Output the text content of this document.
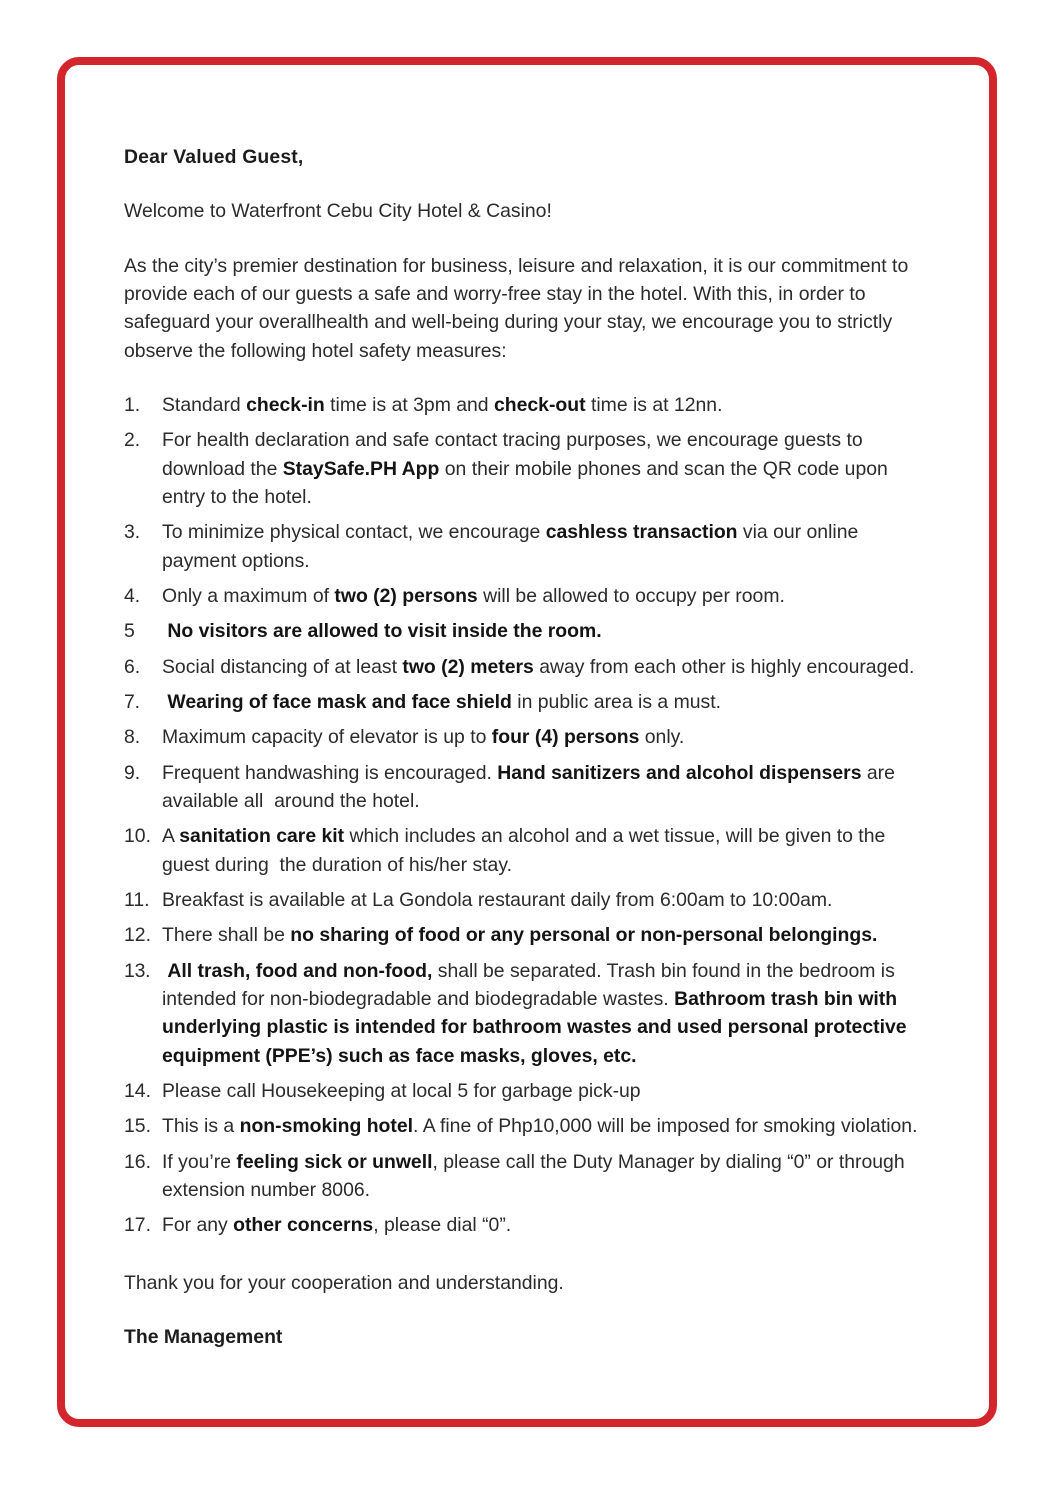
Dear Valued Guest,

Welcome to Waterfront Cebu City Hotel & Casino!

As the city’s premier destination for business, leisure and relaxation, it is our commitment to provide each of our guests a safe and worry-free stay in the hotel. With this, in order to safeguard your overallhealth and well-being during your stay, we encourage you to strictly observe the following hotel safety measures:

1.	Standard check-in time is at 3pm and check-out time is at 12nn.
2.	For health declaration and safe contact tracing purposes, we encourage guests to download the StaySafe.PH App on their mobile phones and scan the QR code upon entry to the hotel.
3.	To minimize physical contact, we encourage cashless transaction via our online payment options.
4.	Only a maximum of two (2) persons will be allowed to occupy per room.
5	No visitors are allowed to visit inside the room.
6.	Social distancing of at least two (2) meters away from each other is highly encouraged.
7.	Wearing of face mask and face shield in public area is a must.
8.	Maximum capacity of elevator is up to four (4) persons only.
9.	Frequent handwashing is encouraged. Hand sanitizers and alcohol dispensers are available all  around the hotel.
10. A sanitation care kit which includes an alcohol and a wet tissue, will be given to the guest during  the duration of his/her stay.
11. Breakfast is available at La Gondola restaurant daily from 6:00am to 10:00am.
12. There shall be no sharing of food or any personal or non-personal belongings.
13. All trash, food and non-food, shall be separated. Trash bin found in the bedroom is intended for non-biodegradable and biodegradable wastes. Bathroom trash bin with underlying plastic is intended for bathroom wastes and used personal protective equipment (PPE’s) such as face masks, gloves, etc.
14. Please call Housekeeping at local 5 for garbage pick-up
15. This is a non-smoking hotel. A fine of Php10,000 will be imposed for smoking violation.
16. If you’re feeling sick or unwell, please call the Duty Manager by dialing “0” or through extension number 8006.
17. For any other concerns, please dial “0”.

Thank you for your cooperation and understanding.

The Management
